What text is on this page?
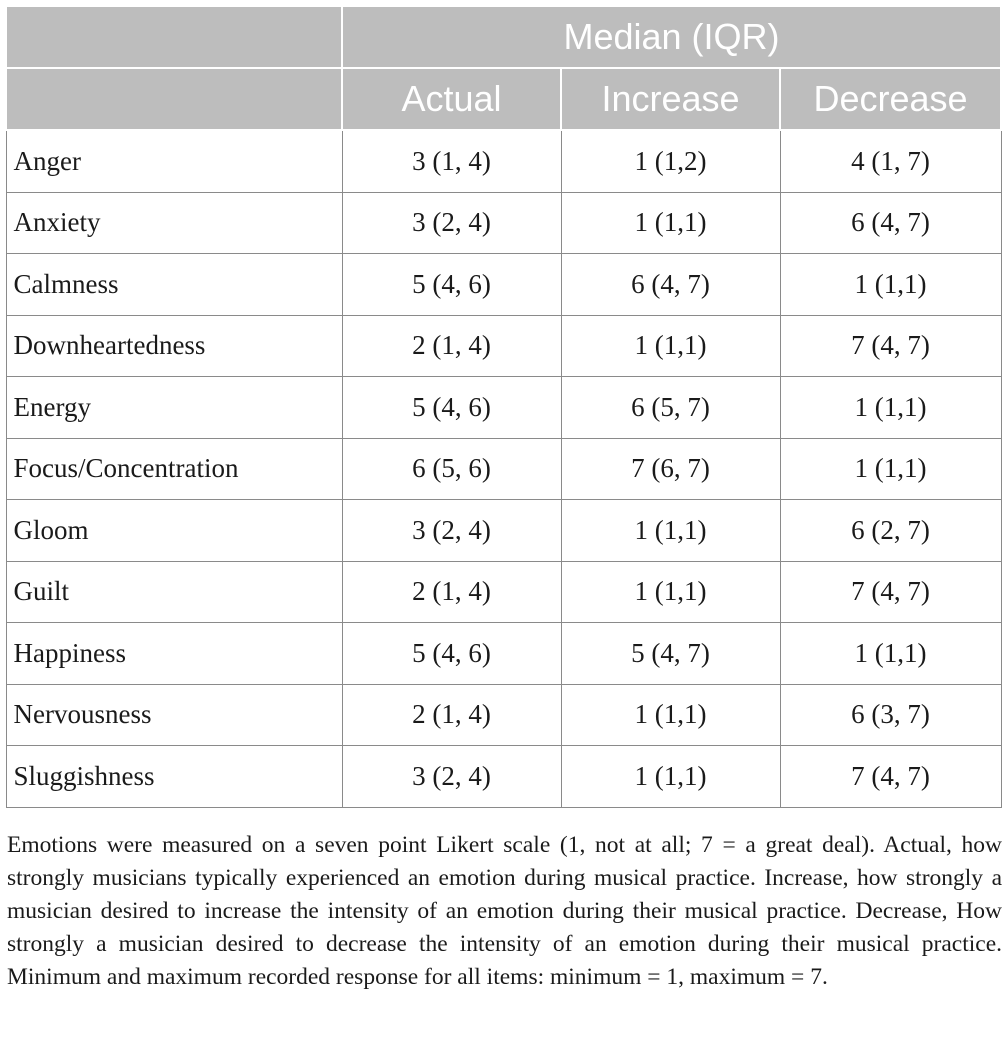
	Median (IQR)		
	Actual	Increase	Decrease
Anger	3 (1, 4)	1 (1,2)	4 (1, 7)
Anxiety	3 (2, 4)	1 (1,1)	6 (4, 7)
Calmness	5 (4, 6)	6 (4, 7)	1 (1,1)
Downheartedness	2 (1, 4)	1 (1,1)	7 (4, 7)
Energy	5 (4, 6)	6 (5, 7)	1 (1,1)
Focus/Concentration	6 (5, 6)	7 (6, 7)	1 (1,1)
Gloom	3 (2, 4)	1 (1,1)	6 (2, 7)
Guilt	2 (1, 4)	1 (1,1)	7 (4, 7)
Happiness	5 (4, 6)	5 (4, 7)	1 (1,1)
Nervousness	2 (1, 4)	1 (1,1)	6 (3, 7)
Sluggishness	3 (2, 4)	1 (1,1)	7 (4, 7)

Emotions were measured on a seven point Likert scale (1, not at all; 7 = a great deal). Actual, how strongly musicians typically experienced an emotion during musical practice. Increase, how strongly a musician desired to increase the intensity of an emotion during their musical practice. Decrease, How strongly a musician desired to decrease the intensity of an emotion during their musical practice. Minimum and maximum recorded response for all items: minimum = 1, maximum = 7.
